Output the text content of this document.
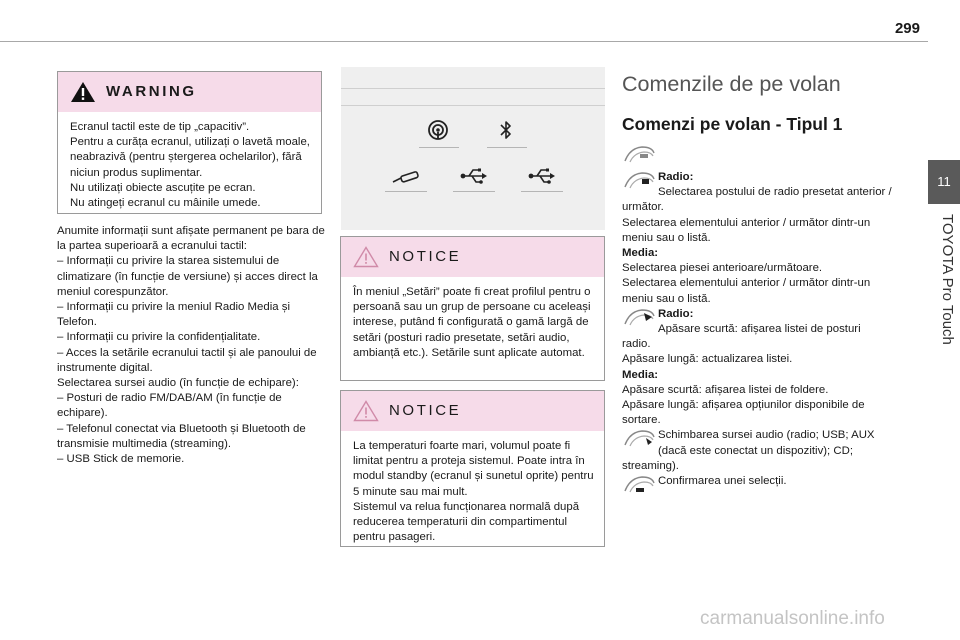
299
11
TOYOTA Pro Touch
WARNING

Ecranul tactil este de tip „capacitiv”.

Pentru a curăța ecranul, utilizați o lavetă moale, neabrazivă (pentru ștergerea ochelarilor), fără niciun produs suplimentar.

Nu utilizați obiecte ascuțite pe ecran.

Nu atingeți ecranul cu mâinile umede.

Anumite informații sunt afișate permanent pe bara de la partea superioară a ecranului tactil:

– Informații cu privire la starea sistemului de climatizare (în funcție de versiune) și acces direct la meniul corespunzător.

– Informații cu privire la meniul Radio Media și Telefon.

– Informații cu privire la confidențialitate.

– Acces la setările ecranului tactil și ale panoului de instrumente digital.

Selectarea sursei audio (în funcție de echipare):

– Posturi de radio FM/DAB/AM (în funcție de echipare).

– Telefonul conectat via Bluetooth și Bluetooth de transmisie multimedia (streaming).

– USB Stick de memorie.

NOTICE

În meniul „Setări” poate fi creat profilul pentru o persoană sau un grup de persoane cu aceleași interese, putând fi configurată o gamă largă de setări (posturi radio presetate, setări audio, ambianță etc.). Setările sunt aplicate automat.

NOTICE

La temperaturi foarte mari, volumul poate fi limitat pentru a proteja sistemul. Poate intra în modul standby (ecranul și sunetul oprite) pentru 5 minute sau mai mult.

Sistemul va relua funcționarea normală după reducerea temperaturii din compartimentul pentru pasageri.

Comenzile de pe volan
Comenzi pe volan - Tipul 1
Radio:
Selectarea postului de radio presetat anterior / următor.
Selectarea elementului anterior / următor dintr-un meniu sau o listă.
Media:
Selectarea piesei anterioare/următoare.
Selectarea elementului anterior / următor dintr-un meniu sau o listă.
Radio:
Apăsare scurtă: afișarea listei de posturi radio.
Apăsare lungă: actualizarea listei.
Media:
Apăsare scurtă: afișarea listei de foldere.
Apăsare lungă: afișarea opțiunilor disponibile de sortare.
Schimbarea sursei audio (radio; USB; AUX (dacă este conectat un dispozitiv); CD; streaming).
Confirmarea unei selecții.
carmanualsonline.info
